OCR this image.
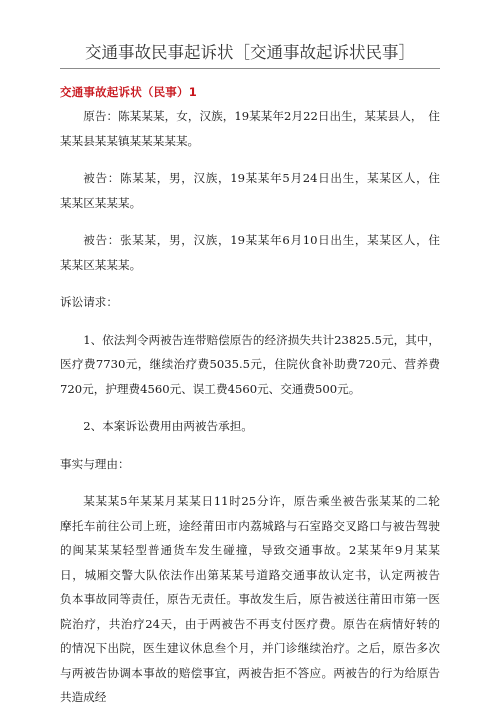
交通事故民事起诉状［交通事故起诉状民事］
交通事故起诉状（民事）1

原告：陈某某某，女，汉族，19某某年2月22日出生，某某县人，　住某某县某某镇某某某某某。

被告：陈某某，男，汉族，19某某年5月24日出生，某某区人，住　某某区某某某。

被告：张某某，男，汉族，19某某年6月10日出生，某某区人，住　某某区某某某。

诉讼请求：

1、依法判令两被告连带赔偿原告的经济损失共计23825.5元，其中，医疗费7730元，继续治疗费5035.5元，住院伙食补助费720元、营养费　720元，护理费4560元、误工费4560元、交通费500元。

2、本案诉讼费用由两被告承担。

事实与理由：

某某某5年某某月某某日11时25分许，原告乘坐被告张某某的二轮　摩托车前往公司上班，途经莆田市内荔城路与石室路交叉路口与被告驾驶　的闽某某某轻型普通货车发生碰撞，导致交通事故。2某某年9月某某　日，城厢交警大队依法作出第某某号道路交通事故认定书，认定两被告　负本事故同等责任，原告无责任。事故发生后，原告被送往莆田市第一医　院治疗，共治疗24天，由于两被告不再支付医疗费。原告在病情好转的　的情况下出院，医生建议休息叁个月，并门诊继续治疗。之后，原告多次　与两被告协调本事故的赔偿事宜，两被告拒不答应。两被告的行为给原告　共造成经
